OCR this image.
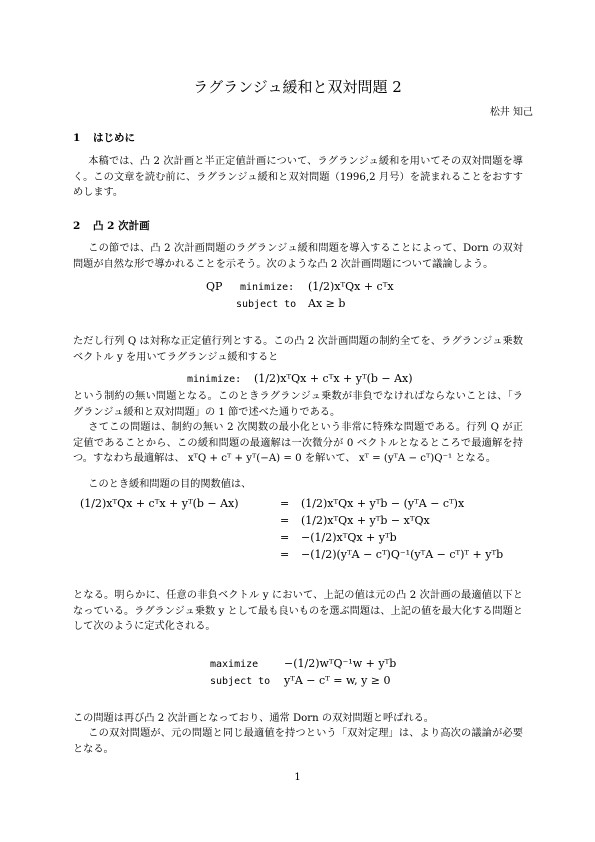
ラグランジュ緩和と双対問題 2
松井 知己
1 はじめに
本稿では、凸 2 次計画と半正定値計画について、ラグランジュ緩和を用いてその双対問題を導く。この文章を読む前に、ラグランジュ緩和と双対問題（1996,2 月号）を読まれることをおすすめします。
2 凸 2 次計画
この節では、凸 2 次計画問題のラグランジュ緩和問題を導入することによって、Dorn の双対問題が自然な形で導かれることを示そう。次のような凸 2 次計画問題について議論しよう。
QP minimize: (1/2)xᵀQx + cᵀx
subject to Ax ≥ b
ただし行列 Q は対称な正定値行列とする。この凸 2 次計画問題の制約全てを、ラグランジュ乗数ベクトル y を用いてラグランジュ緩和すると
minimize: (1/2)xᵀQx + cᵀx + yᵀ(b − Ax)
という制約の無い問題となる。このときラグランジュ乗数が非負でなければならないことは、「ラグランジュ緩和と双対問題」の 1 節で述べた通りである。
さてこの問題は、制約の無い 2 次関数の最小化という非常に特殊な問題である。行列 Q が正定値であることから、この緩和問題の最適解は一次微分が 0 ベクトルとなるところで最適解を持つ。すなわち最適解は、 xᵀQ + cᵀ + yᵀ(−A) = 0 を解いて、 xᵀ = (yᵀA − cᵀ)Q⁻¹ となる。
このとき緩和問題の目的関数値は、
(1/2)xᵀQx + cᵀx + yᵀ(b − Ax)	= (1/2)xᵀQx + yᵀb − (yᵀA − cᵀ)x
= (1/2)xᵀQx + yᵀb − xᵀQx
= −(1/2)xᵀQx + yᵀb
= −(1/2)(yᵀA − cᵀ)Q⁻¹(yᵀA − cᵀ)ᵀ + yᵀb
となる。明らかに、任意の非負ベクトル y において、上記の値は元の凸 2 次計画の最適値以下となっている。ラグランジュ乗数 y として最も良いものを選ぶ問題は、上記の値を最大化する問題として次のように定式化される。
maximize −(1/2)wᵀQ⁻¹w + yᵀb
subject to yᵀA − cᵀ = w, y ≥ 0
この問題は再び凸 2 次計画となっており、通常 Dorn の双対問題と呼ばれる。
この双対問題が、元の問題と同じ最適値を持つという「双対定理」は、より高次の議論が必要となる。
1
